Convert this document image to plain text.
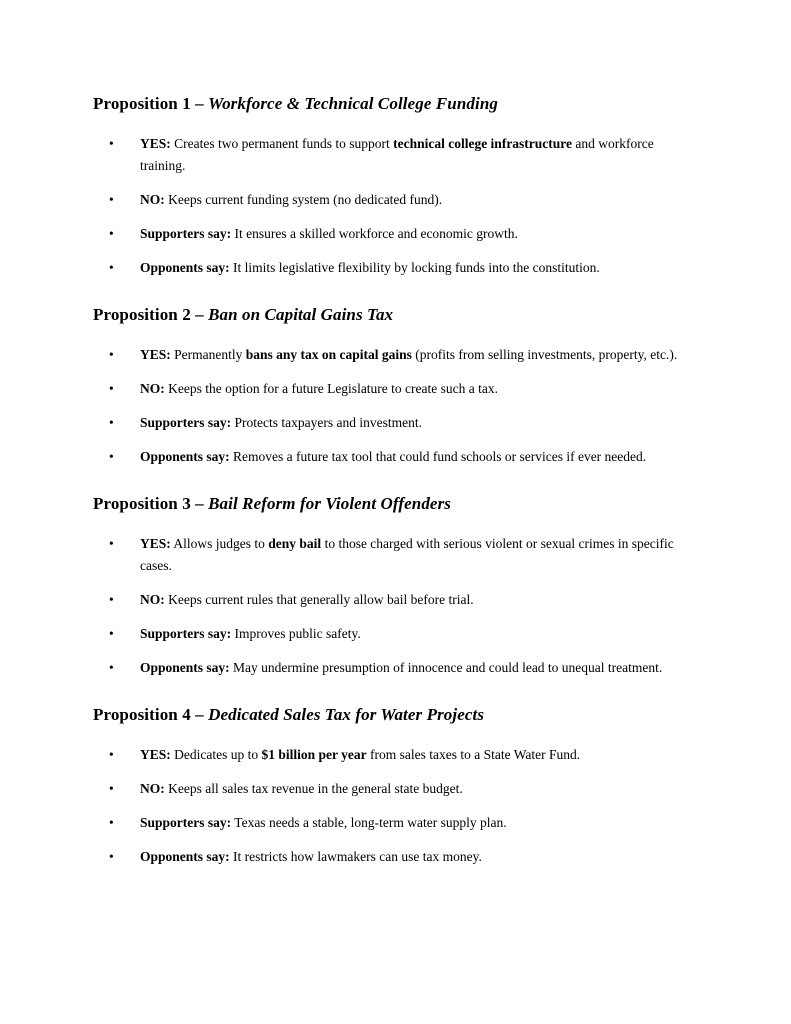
Proposition 1 – Workforce & Technical College Funding
•	YES: Creates two permanent funds to support technical college infrastructure and workforce training.
•	NO: Keeps current funding system (no dedicated fund).
•	Supporters say: It ensures a skilled workforce and economic growth.
•	Opponents say: It limits legislative flexibility by locking funds into the constitution.
Proposition 2 – Ban on Capital Gains Tax
•	YES: Permanently bans any tax on capital gains (profits from selling investments, property, etc.).
•	NO: Keeps the option for a future Legislature to create such a tax.
•	Supporters say: Protects taxpayers and investment.
•	Opponents say: Removes a future tax tool that could fund schools or services if ever needed.
Proposition 3 – Bail Reform for Violent Offenders
•	YES: Allows judges to deny bail to those charged with serious violent or sexual crimes in specific cases.
•	NO: Keeps current rules that generally allow bail before trial.
•	Supporters say: Improves public safety.
•	Opponents say: May undermine presumption of innocence and could lead to unequal treatment.
Proposition 4 – Dedicated Sales Tax for Water Projects
•	YES: Dedicates up to $1 billion per year from sales taxes to a State Water Fund.
•	NO: Keeps all sales tax revenue in the general state budget.
•	Supporters say: Texas needs a stable, long-term water supply plan.
•	Opponents say: It restricts how lawmakers can use tax money.
